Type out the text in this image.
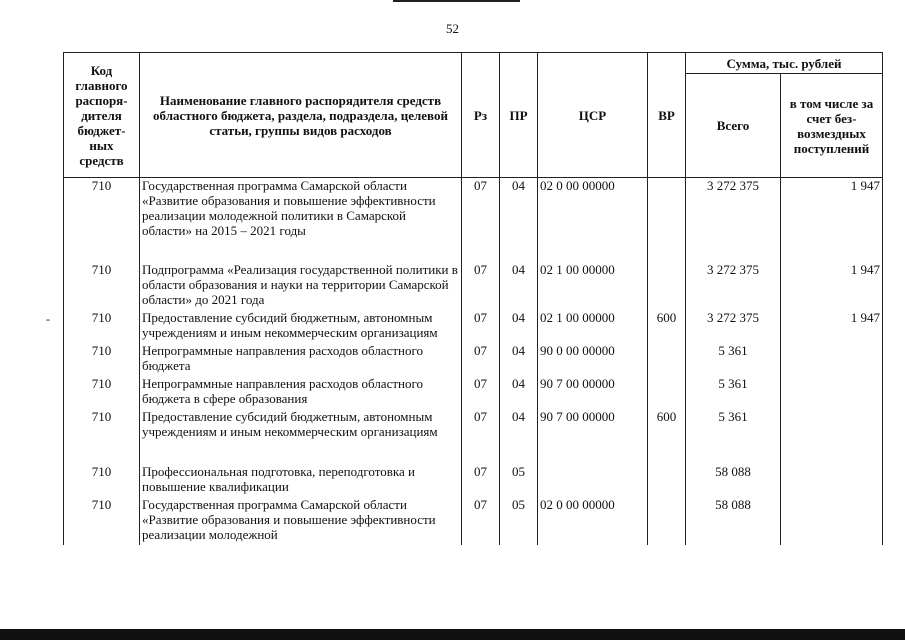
52
-
Код главного распоря-дителя бюджет-ных средств	Наименование главного распорядителя средств областного бюджета, раздела, подраздела, целевой статьи, группы видов расходов	Рз	ПР	ЦСР	ВР	Сумма, тыс. рублей	
						Всего	в том числе за счет без-возмездных поступлений
710	Государственная программа Самарской области «Развитие образования и повышение эффективности реализации молодежной политики в Самарской области» на 2015 – 2021 годы	07	04	02 0 00 00000		3 272 375	1 947
710	Подпрограмма «Реализация государственной политики в области образования и науки на территории Самарской области» до 2021 года	07	04	02 1 00 00000		3 272 375	1 947
710	Предоставление субсидий бюджетным, автономным учреждениям и иным некоммерческим организациям	07	04	02 1 00 00000	600	3 272 375	1 947
710	Непрограммные направления расходов областного бюджета	07	04	90 0 00 00000		5 361	
710	Непрограммные направления расходов областного бюджета в сфере образования	07	04	90 7 00 00000		5 361	
710	Предоставление субсидий бюджетным, автономным учреждениям и иным некоммерческим организациям	07	04	90 7 00 00000	600	5 361	
710	Профессиональная подготовка, переподготовка и повышение квалификации	07	05			58 088	
710	Государственная программа Самарской области «Развитие образования и повышение эффективности реализации молодежной	07	05	02 0 00 00000		58 088	
